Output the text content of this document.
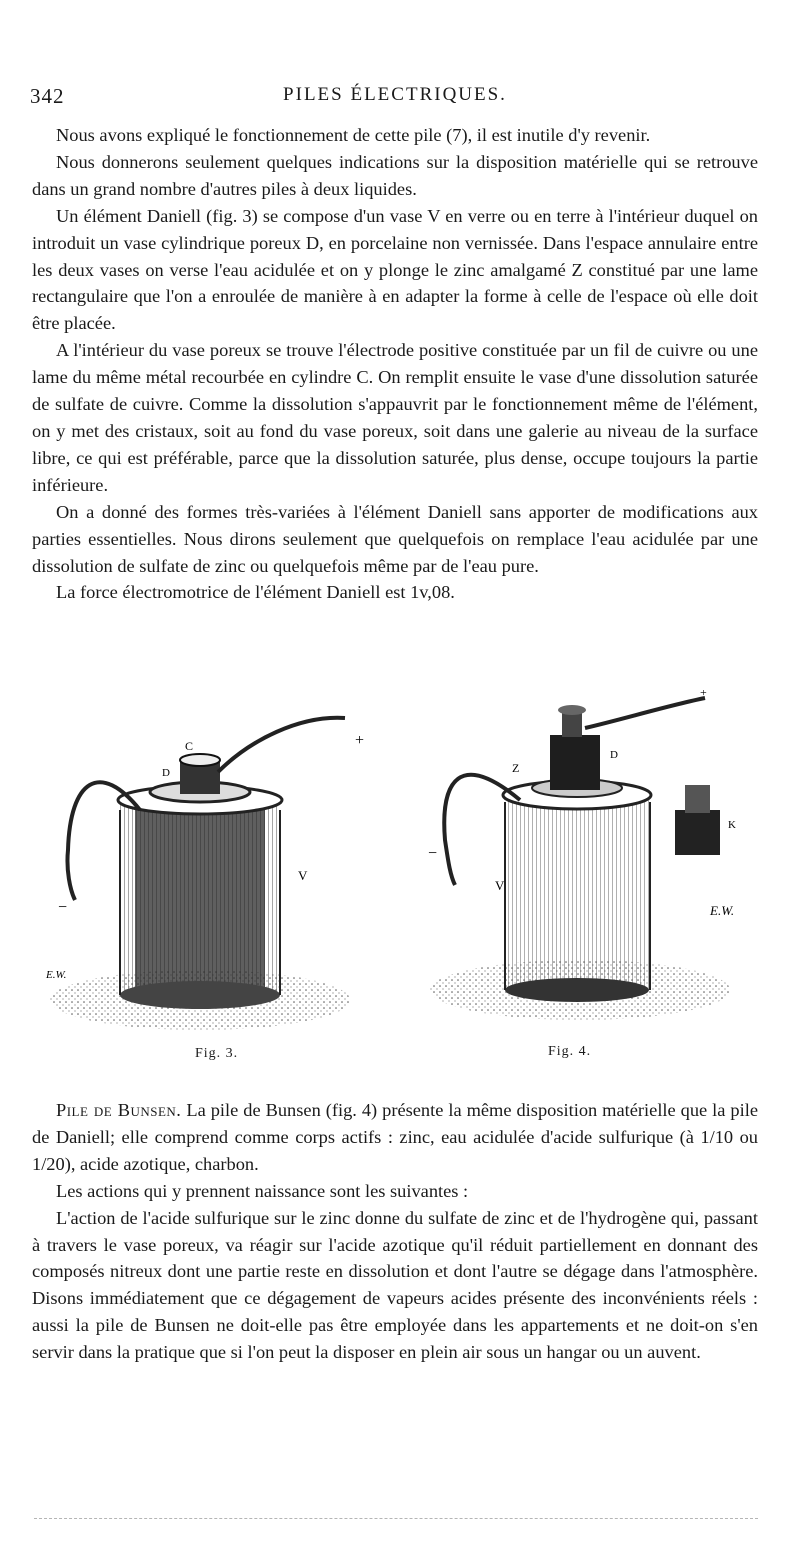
342	PILES ÉLECTRIQUES.

Nous avons expliqué le fonctionnement de cette pile (7), il est inutile d'y revenir.

Nous donnerons seulement quelques indications sur la disposition matérielle qui se retrouve dans un grand nombre d'autres piles à deux liquides.

Un élément Daniell (fig. 3) se compose d'un vase V en verre ou en terre à l'intérieur duquel on introduit un vase cylindrique poreux D, en porcelaine non vernissée. Dans l'espace annulaire entre les deux vases on verse l'eau acidulée et on y plonge le zinc amalgamé Z constitué par une lame rectangulaire que l'on a enroulée de manière à en adapter la forme à celle de l'espace où elle doit être placée.

A l'intérieur du vase poreux se trouve l'électrode positive constituée par un fil de cuivre ou une lame du même métal recourbée en cylindre C. On remplit ensuite le vase d'une dissolution saturée de sulfate de cuivre. Comme la dissolution s'appauvrit par le fonctionnement même de l'élément, on y met des cristaux, soit au fond du vase poreux, soit dans une galerie au niveau de la surface libre, ce qui est préférable, parce que la dissolution saturée, plus dense, occupe toujours la partie inférieure.

On a donné des formes très-variées à l'élément Daniell sans apporter de modifications aux parties essentielles. Nous dirons seulement que quelquefois on remplace l'eau acidulée par une dissolution de sulfate de zinc ou quelquefois même par de l'eau pure.

La force électromotrice de l'élément Daniell est 1v,08.

C
D
+
V
−
E.W.
Fig. 3.
+
Z
D
K
−
V
E.W.
Fig. 4.

Pile de Bunsen. La pile de Bunsen (fig. 4) présente la même disposition matérielle que la pile de Daniell; elle comprend comme corps actifs : zinc, eau acidulée d'acide sulfurique (à 1/10 ou 1/20), acide azotique, charbon.

Les actions qui y prennent naissance sont les suivantes :

L'action de l'acide sulfurique sur le zinc donne du sulfate de zinc et de l'hydrogène qui, passant à travers le vase poreux, va réagir sur l'acide azotique qu'il réduit partiellement en donnant des composés nitreux dont une partie reste en dissolution et dont l'autre se dégage dans l'atmosphère. Disons immédiatement que ce dégagement de vapeurs acides présente des inconvénients réels : aussi la pile de Bunsen ne doit-elle pas être employée dans les appartements et ne doit-on s'en servir dans la pratique que si l'on peut la disposer en plein air sous un hangar ou un auvent.
